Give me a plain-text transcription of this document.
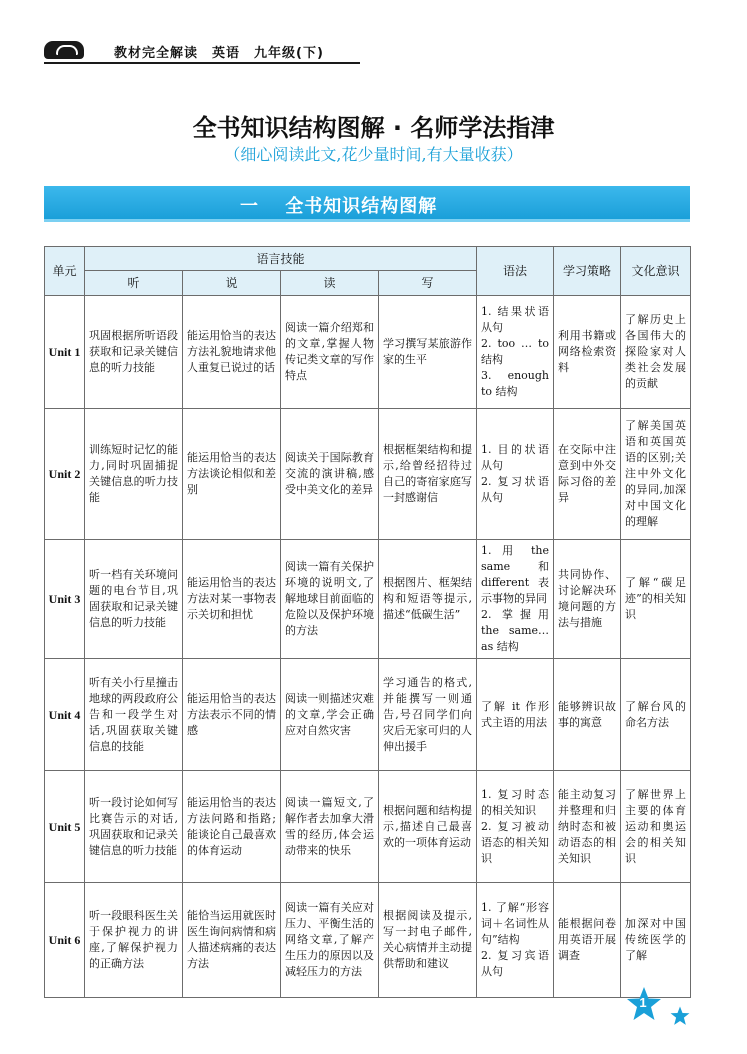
教材完全解读　英语　九年级(下)
全书知识结构图解 · 名师学法指津
（细心阅读此文,花少量时间,有大量收获）
一　 全书知识结构图解
单元	语言技能				语法	学习策略	文化意识
	听	说	读	写			
Unit 1	巩固根据所听语段获取和记录关键信息的听力技能	能运用恰当的表达方法礼貌地请求他人重复已说过的话	阅读一篇介绍郑和的文章,掌握人物传记类文章的写作特点	学习撰写某旅游作家的生平	1. 结果状语从句
2. too … to 结构
3. enough to 结构	利用书籍或网络检索资料	了解历史上各国伟大的探险家对人类社会发展的贡献
Unit 2	训练短时记忆的能力,同时巩固捕捉关键信息的听力技能	能运用恰当的表达方法谈论相似和差别	阅读关于国际教育交流的演讲稿,感受中美文化的差异	根据框架结构和提示,给曾经招待过自己的寄宿家庭写一封感谢信	1. 目的状语从句
2. 复习状语从句	在交际中注意到中外交际习俗的差异	了解美国英语和英国英语的区别;关注中外文化的异同,加深对中国文化的理解
Unit 3	听一档有关环境问题的电台节目,巩固获取和记录关键信息的听力技能	能运用恰当的表达方法对某一事物表示关切和担忧	阅读一篇有关保护环境的说明文,了解地球目前面临的危险以及保护环境的方法	根据图片、框架结构和短语等提示,描述“低碳生活”	1. 用 the same 和 different 表示事物的异同
2. 掌握用 the same…as 结构	共同协作、讨论解决环境问题的方法与措施	了解“碳足迹”的相关知识
Unit 4	听有关小行星撞击地球的两段政府公告和一段学生对话,巩固获取关键信息的技能	能运用恰当的表达方法表示不同的情感	阅读一则描述灾难的文章,学会正确应对自然灾害	学习通告的格式,并能撰写一则通告,号召同学们向灾后无家可归的人伸出援手	了解 it 作形式主语的用法	能够辨识故事的寓意	了解台风的命名方法
Unit 5	听一段讨论如何写比赛告示的对话,巩固获取和记录关键信息的听力技能	能运用恰当的表达方法问路和指路;能谈论自己最喜欢的体育运动	阅读一篇短文,了解作者去加拿大滑雪的经历,体会运动带来的快乐	根据问题和结构提示,描述自己最喜欢的一项体育运动	1. 复习时态的相关知识
2. 复习被动语态的相关知识	能主动复习并整理和归纳时态和被动语态的相关知识	了解世界上主要的体育运动和奥运会的相关知识
Unit 6	听一段眼科医生关于保护视力的讲座,了解保护视力的正确方法	能恰当运用就医时医生询问病情和病人描述病痛的表达方法	阅读一篇有关应对压力、平衡生活的网络文章,了解产生压力的原因以及减轻压力的方法	根据阅读及提示,写一封电子邮件,关心病情并主动提供帮助和建议	1. 了解“形容词＋名词性从句”结构
2. 复习宾语从句	能根据问卷用英语开展调查	加深对中国传统医学的了解
1
